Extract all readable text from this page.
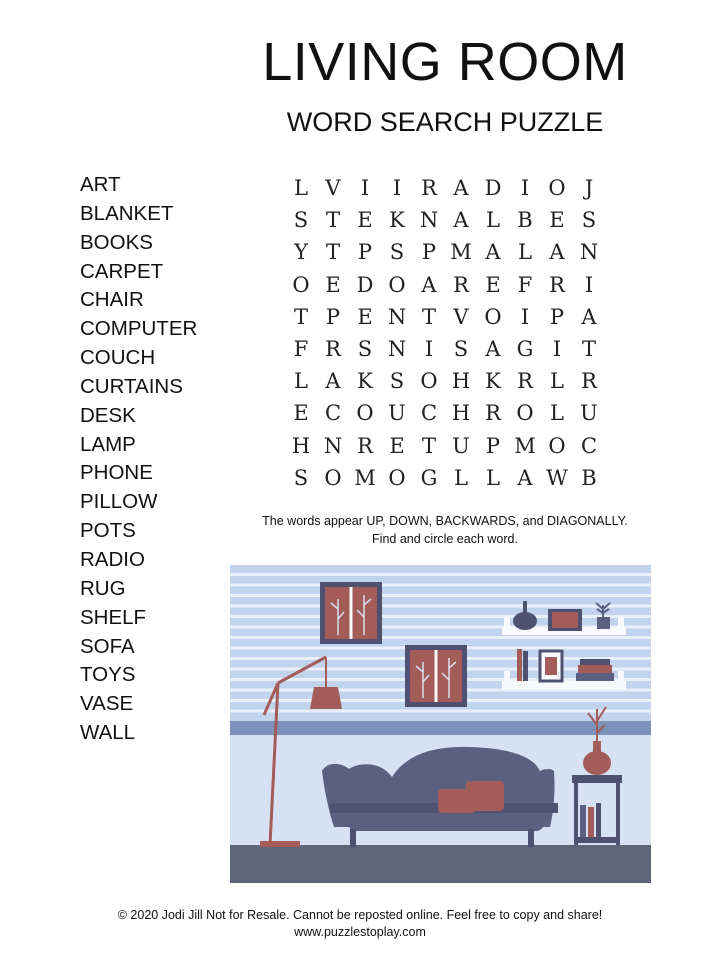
LIVING ROOM
WORD SEARCH PUZZLE
ART
BLANKET
BOOKS
CARPET
CHAIR
COMPUTER
COUCH
CURTAINS
DESK
LAMP
PHONE
PILLOW
POTS
RADIO
RUG
SHELF
SOFA
TOYS
VASE
WALL
L V I	I R A D I O J
S T E K N A L B E S
Y T P S P M A L A N
O E D O A R E F R I
T P E N T V O I P A
F R S N I S A G I T
L A K S O H K R L R
E C O U C H R O L U
H N R E T U P M O C
S O M O G L L A W B
The words appear UP, DOWN, BACKWARDS, and DIAGONALLY.
Find and circle each word.
© 2020 Jodi Jill Not for Resale. Cannot be reposted online. Feel free to copy and share!
www.puzzlestoplay.com
